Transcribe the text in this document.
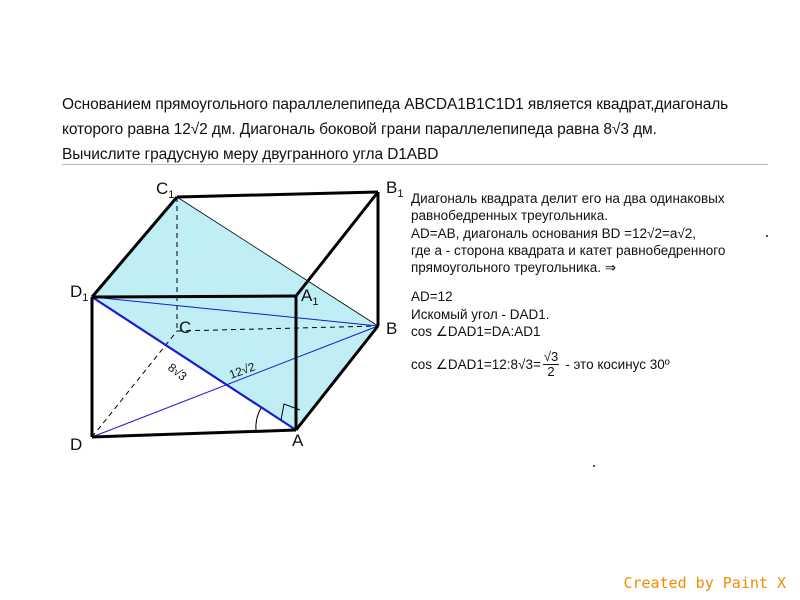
Основанием прямоугольного параллелепипеда ABCDA1B1C1D1 является квадрат,диагональ
которого равна 12√2 дм. Диагональ боковой грани параллелепипеда равна 8√3 дм.
Вычислите градусную меру двугранного угла D1ABD
8√3	12√2
$C_1$	$B_1$
$D_1$	$A_1$
C	B
D	A
Диагональ квадрата делит его на два одинаковых
равнобедренных треугольника.
AD=AB, диагональ основания BD =12√2=a√2,
где a - сторона квадрата и катет равнобедренного
прямоугольного треугольника. ⇒
AD=12
Искомый угол - DAD1.
cos ∠DAD1=DA:AD1
cos ∠DAD1=12:8√3= $\frac{√3}{2}$ - это косинус 30º
Created by Paint X
